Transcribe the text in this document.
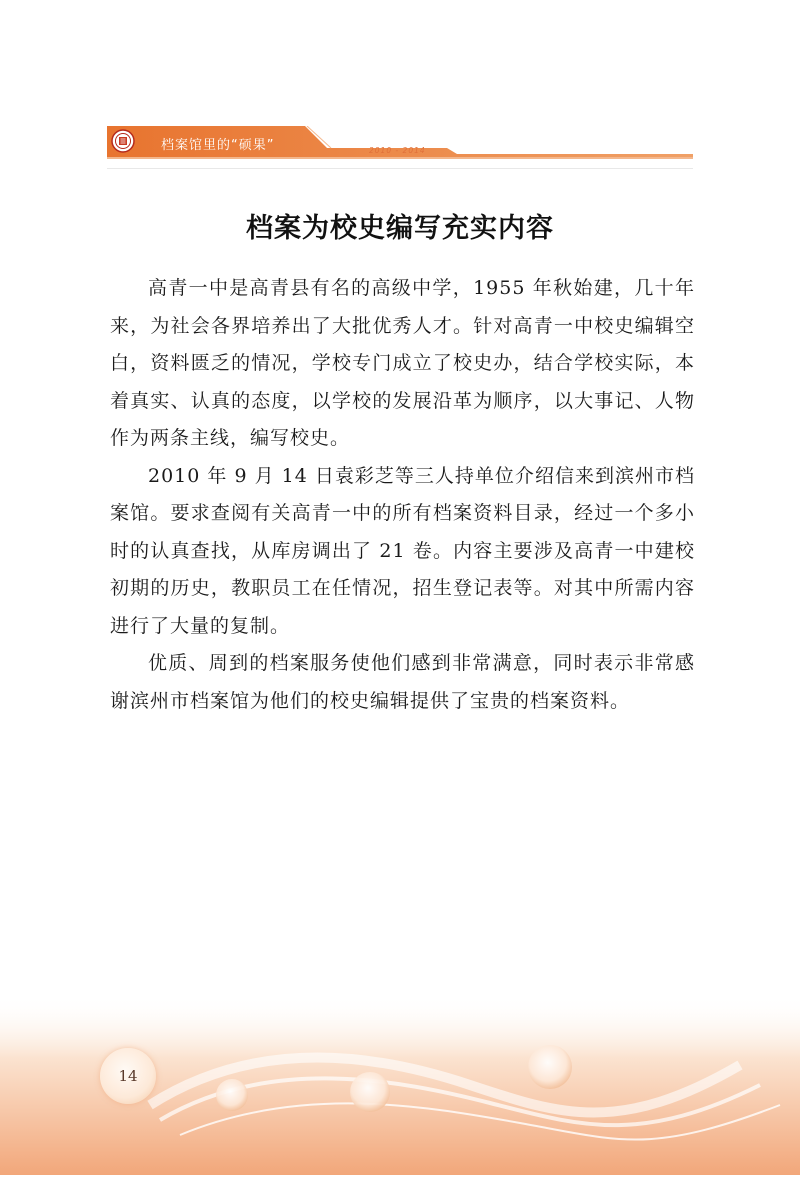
档案馆里的“硕果”	2010 - 2014
档案为校史编写充实内容

高青一中是高青县有名的高级中学，1955 年秋始建，几十年来，为社会各界培养出了大批优秀人才。针对高青一中校史编辑空白，资料匮乏的情况，学校专门成立了校史办，结合学校实际，本着真实、认真的态度，以学校的发展沿革为顺序，以大事记、人物作为两条主线，编写校史。

2010 年 9 月 14 日袁彩芝等三人持单位介绍信来到滨州市档案馆。要求查阅有关高青一中的所有档案资料目录，经过一个多小时的认真查找，从库房调出了 21 卷。内容主要涉及高青一中建校初期的历史，教职员工在任情况，招生登记表等。对其中所需内容进行了大量的复制。

优质、周到的档案服务使他们感到非常满意，同时表示非常感谢滨州市档案馆为他们的校史编辑提供了宝贵的档案资料。

14
